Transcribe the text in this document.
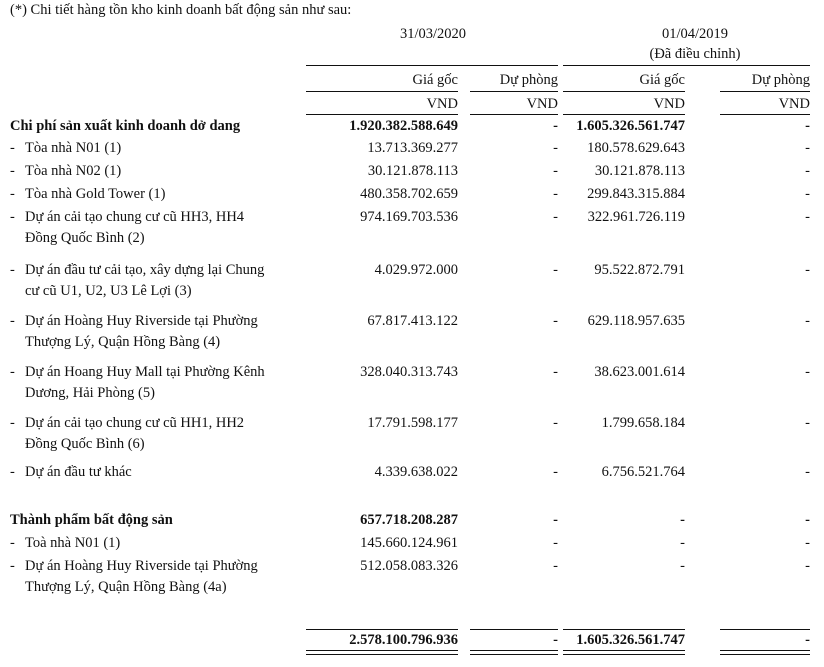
(*) Chi tiết hàng tồn kho kinh doanh bất động sản như sau:
31/03/2020	01/04/2019
(Đã điều chỉnh)
Giá gốc	Dự phòng	Giá gốc	Dự phòng
VND	VND	VND	VND
Chi phí sản xuất kinh doanh dở dang	1.920.382.588.649	-	1.605.326.561.747	-
- Tòa nhà N01 (1)	13.713.369.277	-	180.578.629.643	-
- Tòa nhà N02 (1)	30.121.878.113	-	30.121.878.113	-
- Tòa nhà Gold Tower (1)	480.358.702.659	-	299.843.315.884	-
- Dự án cải tạo chung cư cũ HH3, HH4
Đồng Quốc Bình (2)
974.169.703.536	-	322.961.726.119	-
- Dự án đầu tư cải tạo, xây dựng lại Chung
cư cũ U1, U2, U3 Lê Lợi (3)
4.029.972.000	-	95.522.872.791	-
- Dự án Hoàng Huy Riverside tại Phường
Thượng Lý, Quận Hồng Bàng (4)
67.817.413.122	-	629.118.957.635	-
- Dự án Hoang Huy Mall tại Phường Kênh
Dương, Hải Phòng (5)
328.040.313.743	-	38.623.001.614	-
- Dự án cải tạo chung cư cũ HH1, HH2
Đồng Quốc Bình (6)
17.791.598.177	-	1.799.658.184	-
- Dự án đầu tư khác	4.339.638.022	-	6.756.521.764	-
Thành phẩm bất động sản	657.718.208.287	-	-	-
- Toà nhà N01 (1)	145.660.124.961	-	-	-
- Dự án Hoàng Huy Riverside tại Phường
Thượng Lý, Quận Hồng Bàng (4a)
512.058.083.326	-	-	-
2.578.100.796.936	-	1.605.326.561.747	-
